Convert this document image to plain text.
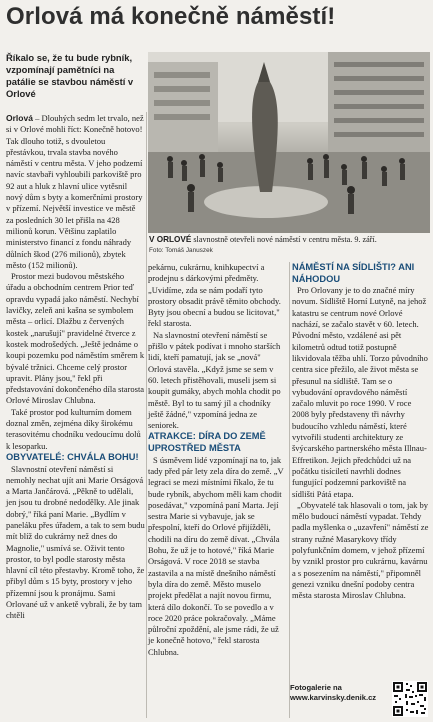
Orlová má konečně náměstí!

Říkalo se, že tu bude rybník, vzpomínají pamětníci na patálie se stavbou náměstí v Orlové

Orlová – Dlouhých sedm let trvalo, než si v Orlové mohli říct: Konečně hotovo! Tak dlouho totiž, s dvouletou přestávkou, trvala stavba nového náměstí v centru města. V jeho podzemí navíc stavbaři vyhloubili parkoviště pro 92 aut a hluk z hlavní ulice vytěsnil nový dům s byty a komerčními prostory v přízemí. Největší investice ve městě za posledních 30 let přišla na 428 milionů korun. Většinu zaplatilo ministerstvo financí z fondu náhrady důlních škod (276 milionů), zbytek město (152 milionů).

Prostor mezi budovou městského úřadu a obchodním centrem Prior teď opravdu vypadá jako náměstí. Nechybí lavičky, zeleň ani kašna se symbolem města – orlicí. Dlažbu z červených kostek „narušují" pravidelné čtverce z kostek modrošedých. „Ještě jednáme o koupi pozemku pod náměstím směrem k bývalé tržnici. Chceme celý prostor upravit. Plány jsou," řekl při představování dokončeného díla starosta Orlové Miroslav Chlubna.

Také prostor pod kulturním domem doznal změn, zejména díky širokému terasovitému chodníku vedoucímu dolů k lesoparku.

OBYVATELÉ: CHVÁLA BOHU!

Slavnostní otevření náměstí si nemohly nechat ujít ani Marie Orságová a Marta Jančárová. „Pěkně to udělali, jen jsou tu drobné nedodělky. Ale jinak dobrý," říká paní Marie. „Bydlím v paneláku přes úřadem, a tak to sem budu mít blíž do cukrárny než dnes do Magnolie," usmívá se. Oživit tento prostor, to byl podle starosty města hlavní cíl této přestavby. Kromě toho, že přibyl dům s 15 byty, prostory v jeho přízemní jsou k pronájmu. Sami Orlované už v anketě vybrali, že by tam chtěli

V ORLOVÉ slavnostně otevřeli nové náměstí v centru města. 9. září.
Foto: Tomáš Januszek

pekárnu, cukrárnu, knihkupectví a prodejnu s dárkovými předměty. „Uvidíme, zda se nám podaří tyto prostory obsadit právě těmito obchody. Byty jsou obecní a budou se licitovat," řekl starosta.

Na slavnostní otevření náměstí se přišlo v pátek podívat i mnoho starších lidí, kteří pamatují, jak se „nová" Orlová stavěla. „Když jsme se sem v 60. letech přistěhovali, museli jsem si koupit gumáky, abych mohla chodit po městě. Byl to tu samý jíl a chodníky ještě žádné," vzpomíná jedna ze seniorek.

ATRAKCE: DÍRA DO ZEMĚ UPROSTŘED MĚSTA

S úsměvem lidé vzpomínají na to, jak tady před pár lety zela díra do země. „V legraci se mezi místními říkalo, že tu bude rybník, abychom měli kam chodit posedávat," vzpomíná paní Marta. Její sestra Marie si vybavuje, jak se přespolní, kteří do Orlové přijížděli, chodili na díru do země dívat. „Chvála Bohu, že už je to hotové," říká Marie Orságová. V roce 2018 se stavba zastavila a na místě dnešního náměstí byla díra do země. Město muselo projekt předělat a najít novou firmu, která dílo dokončí. To se povedlo a v roce 2020 práce pokračovaly. „Máme půlroční zpoždění, ale jsme rádi, že už je konečně hotovo," řekl starosta Chlubna.

NÁMĚSTÍ NA SÍDLIŠTI? ANI NÁHODOU

Pro Orlovany je to do značné míry novum. Sídliště Horní Lutyně, na jehož katastru se centrum nové Orlové nachází, se začalo stavět v 60. letech. Původní město, vzdálené asi pět kilometrů odtud totiž postupně likvidovala těžba uhlí. Torzo původního centra sice přežilo, ale život města se přesunul na sídliště. Tam se o vybudování opravdového náměstí začalo mluvit po roce 1990. V roce 2008 byly představeny tři návrhy budoucího vzhledu náměstí, které vytvořili studenti architektury ze švýcarského partnerského města Illnau-Effretikon. Jejich předchůdci už na počátku tisíciletí navrhli dodnes fungující podzemní parkoviště na sídlišti Pátá etapa.

„Obyvatelé tak hlasovali o tom, jak by mělo budoucí náměstí vypadat. Tehdy padla myšlenka o „uzavření" náměstí ze strany ružné Masarykovy třídy polyfunkčním domem, v jehož přízemí by vznikl prostor pro cukrárnu, kavárnu a s posezením na náměstí," připomněl genezi vzniku dnešní podoby centra města starosta Miroslav Chlubna.

Fotogalerie na
www.karvinsky.denik.cz
